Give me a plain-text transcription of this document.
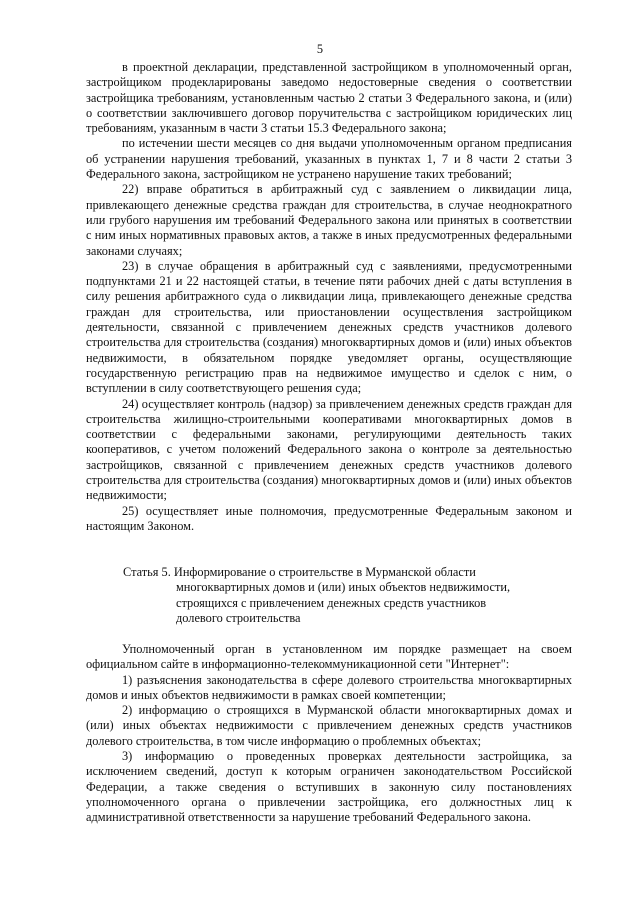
5

в проектной декларации, представленной застройщиком в уполномоченный орган, застройщиком продекларированы заведомо недостоверные сведения о соответствии застройщика требованиям, установленным частью 2 статьи 3 Федерального закона, и (или) о соответствии заключившего договор поручительства с застройщиком юридических лиц требованиям, указанным в части 3 статьи 15.3 Федерального закона;

по истечении шести месяцев со дня выдачи уполномоченным органом предписания об устранении нарушения требований, указанных в пунктах 1, 7 и 8 части 2 статьи 3 Федерального закона, застройщиком не устранено нарушение таких требований;

22) вправе обратиться в арбитражный суд с заявлением о ликвидации лица, привлекающего денежные средства граждан для строительства, в случае неоднократного или грубого нарушения им требований Федерального закона или принятых в соответствии с ним иных нормативных правовых актов, а также в иных предусмотренных федеральными законами случаях;

23) в случае обращения в арбитражный суд с заявлениями, предусмотренными подпунктами 21 и 22 настоящей статьи, в течение пяти рабочих дней с даты вступления в силу решения арбитражного суда о ликвидации лица, привлекающего денежные средства граждан для строительства, или приостановлении осуществления застройщиком деятельности, связанной с привлечением денежных средств участников долевого строительства для строительства (создания) многоквартирных домов и (или) иных объектов недвижимости, в обязательном порядке уведомляет органы, осуществляющие государственную регистрацию прав на недвижимое имущество и сделок с ним, о вступлении в силу соответствующего решения суда;

24) осуществляет контроль (надзор) за привлечением денежных средств граждан для строительства жилищно-строительными кооперативами многоквартирных домов в соответствии с федеральными законами, регулирующими деятельность таких кооперативов, с учетом положений Федерального закона о контроле за деятельностью застройщиков, связанной с привлечением денежных средств участников долевого строительства для строительства (создания) многоквартирных домов и (или) иных объектов недвижимости;

25) осуществляет иные полномочия, предусмотренные Федеральным законом и настоящим Законом.

Статья 5. Информирование о строительстве в Мурманской области

многоквартирных домов и (или) иных объектов недвижимости,

строящихся с привлечением денежных средств участников

долевого строительства

Уполномоченный орган в установленном им порядке размещает на своем официальном сайте в информационно-телекоммуникационной сети "Интернет":

1) разъяснения законодательства в сфере долевого строительства многоквартирных домов и иных объектов недвижимости в рамках своей компетенции;

2) информацию о строящихся в Мурманской области многоквартирных домах и (или) иных объектах недвижимости с привлечением денежных средств участников долевого строительства, в том числе информацию о проблемных объектах;

3) информацию о проведенных проверках деятельности застройщика, за исключением сведений, доступ к которым ограничен законодательством Российской Федерации, а также сведения о вступивших в законную силу постановлениях уполномоченного органа о привлечении застройщика, его должностных лиц к административной ответственности за нарушение требований Федерального закона.
